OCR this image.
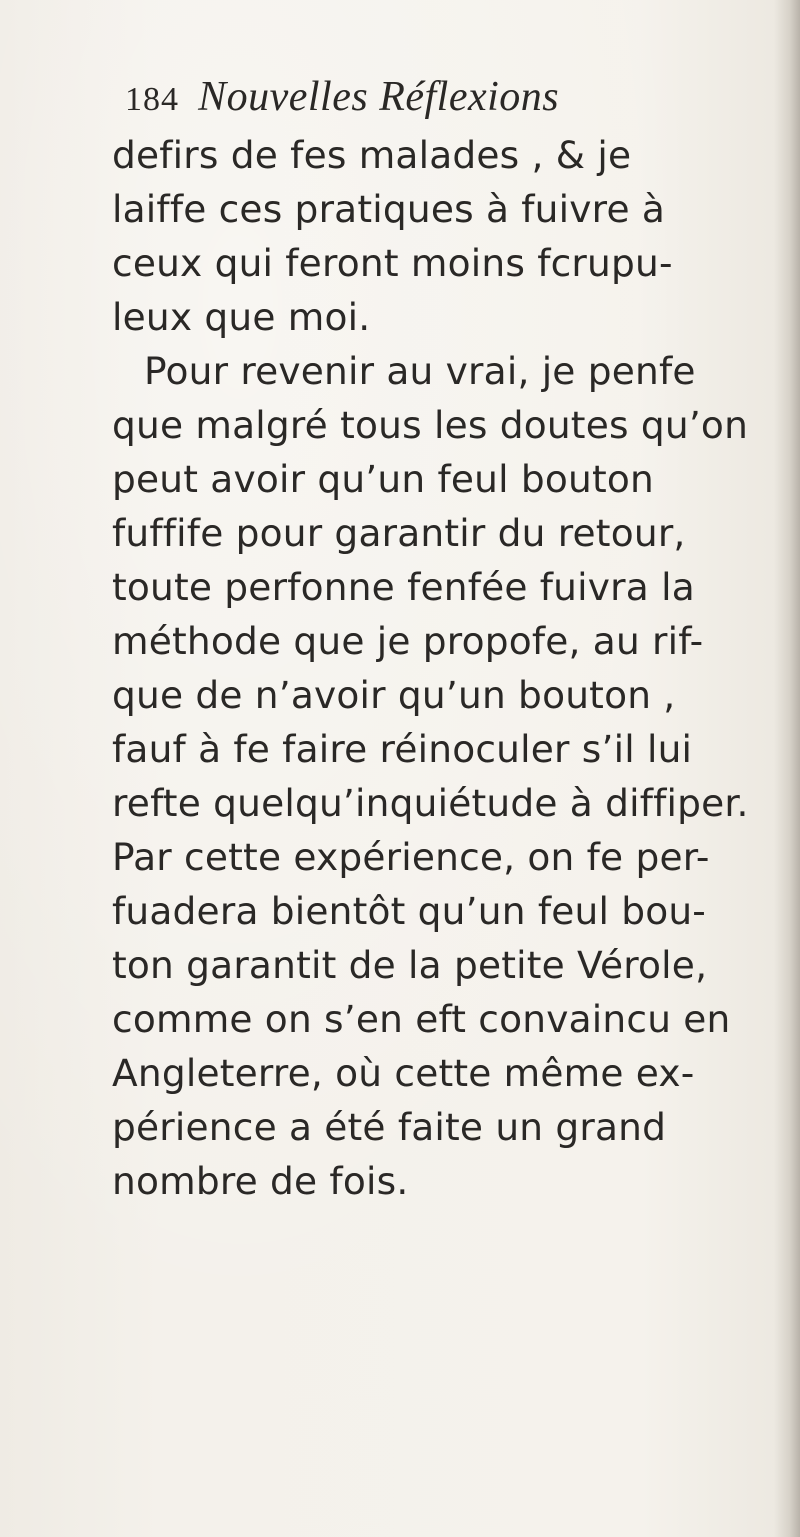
184 Nouvelles Réflexions
defirs de fes malades , & je
laiffe ces pratiques à fuivre à
ceux qui feront moins fcrupu-
leux que moi.
Pour revenir au vrai, je penfe
que malgré tous les doutes qu’on
peut avoir qu’un feul bouton
fuffife pour garantir du retour,
toute perfonne fenfée fuivra la
méthode que je propofe, au rif-
que de n’avoir qu’un bouton ,
fauf à fe faire réinoculer s’il lui
refte quelqu’inquiétude à diffiper.
Par cette expérience, on fe per-
fuadera bientôt qu’un feul bou-
ton garantit de la petite Vérole,
comme on s’en eft convaincu en
Angleterre, où cette même ex-
périence a été faite un grand
nombre de fois.
